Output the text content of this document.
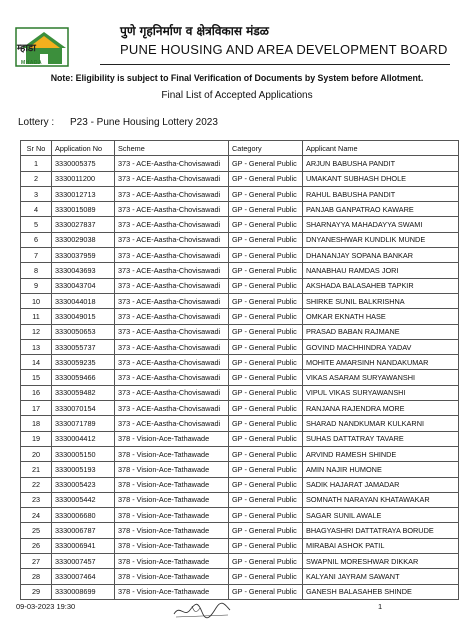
म्हाडा
MHADA
पुणे गृहनिर्माण व क्षेत्रविकास मंडळ
PUNE HOUSING AND AREA DEVELOPMENT BOARD
Note: Eligibility is subject to Final Verification of Documents by System before Allotment.
Final List of Accepted Applications
Lottery : P23 - Pune Housing Lottery 2023
Sr No	Application No	Scheme	Category	Applicant Name
1	3330005375	373 - ACE-Aastha-Chovisawadi	GP - General Public	ARJUN BABUSHA PANDIT
2	3330011200	373 - ACE-Aastha-Chovisawadi	GP - General Public	UMAKANT SUBHASH DHOLE
3	3330012713	373 - ACE-Aastha-Chovisawadi	GP - General Public	RAHUL BABUSHA PANDIT
4	3330015089	373 - ACE-Aastha-Chovisawadi	GP - General Public	PANJAB GANPATRAO KAWARE
5	3330027837	373 - ACE-Aastha-Chovisawadi	GP - General Public	SHARNAYYA MAHADAYYA SWAMI
6	3330029038	373 - ACE-Aastha-Chovisawadi	GP - General Public	DNYANESHWAR KUNDLIK MUNDE
7	3330037959	373 - ACE-Aastha-Chovisawadi	GP - General Public	DHANANJAY SOPANA BANKAR
8	3330043693	373 - ACE-Aastha-Chovisawadi	GP - General Public	NANABHAU RAMDAS JORI
9	3330043704	373 - ACE-Aastha-Chovisawadi	GP - General Public	AKSHADA BALASAHEB TAPKIR
10	3330044018	373 - ACE-Aastha-Chovisawadi	GP - General Public	SHIRKE SUNIL BALKRISHNA
11	3330049015	373 - ACE-Aastha-Chovisawadi	GP - General Public	OMKAR EKNATH HASE
12	3330050653	373 - ACE-Aastha-Chovisawadi	GP - General Public	PRASAD BABAN RAJMANE
13	3330055737	373 - ACE-Aastha-Chovisawadi	GP - General Public	GOVIND MACHHINDRA YADAV
14	3330059235	373 - ACE-Aastha-Chovisawadi	GP - General Public	MOHITE AMARSINH NANDAKUMAR
15	3330059466	373 - ACE-Aastha-Chovisawadi	GP - General Public	VIKAS ASARAM SURYAWANSHI
16	3330059482	373 - ACE-Aastha-Chovisawadi	GP - General Public	VIPUL VIKAS SURYAWANSHI
17	3330070154	373 - ACE-Aastha-Chovisawadi	GP - General Public	RANJANA RAJENDRA MORE
18	3330071789	373 - ACE-Aastha-Chovisawadi	GP - General Public	SHARAD NANDKUMAR KULKARNI
19	3330004412	378 - Vision-Ace-Tathawade	GP - General Public	SUHAS DATTATRAY TAVARE
20	3330005150	378 - Vision-Ace-Tathawade	GP - General Public	ARVIND RAMESH SHINDE
21	3330005193	378 - Vision-Ace-Tathawade	GP - General Public	AMIN NAJIR HUMONE
22	3330005423	378 - Vision-Ace-Tathawade	GP - General Public	SADIK HAJARAT JAMADAR
23	3330005442	378 - Vision-Ace-Tathawade	GP - General Public	SOMNATH NARAYAN KHATAWAKAR
24	3330006680	378 - Vision-Ace-Tathawade	GP - General Public	SAGAR SUNIL AWALE
25	3330006787	378 - Vision-Ace-Tathawade	GP - General Public	BHAGYASHRI DATTATRAYA BORUDE
26	3330006941	378 - Vision-Ace-Tathawade	GP - General Public	MIRABAI ASHOK PATIL
27	3330007457	378 - Vision-Ace-Tathawade	GP - General Public	SWAPNIL MORESHWAR DIKKAR
28	3330007464	378 - Vision-Ace-Tathawade	GP - General Public	KALYANI JAYRAM SAWANT
29	3330008699	378 - Vision-Ace-Tathawade	GP - General Public	GANESH BALASAHEB SHINDE
09-03-2023 19:30	1
